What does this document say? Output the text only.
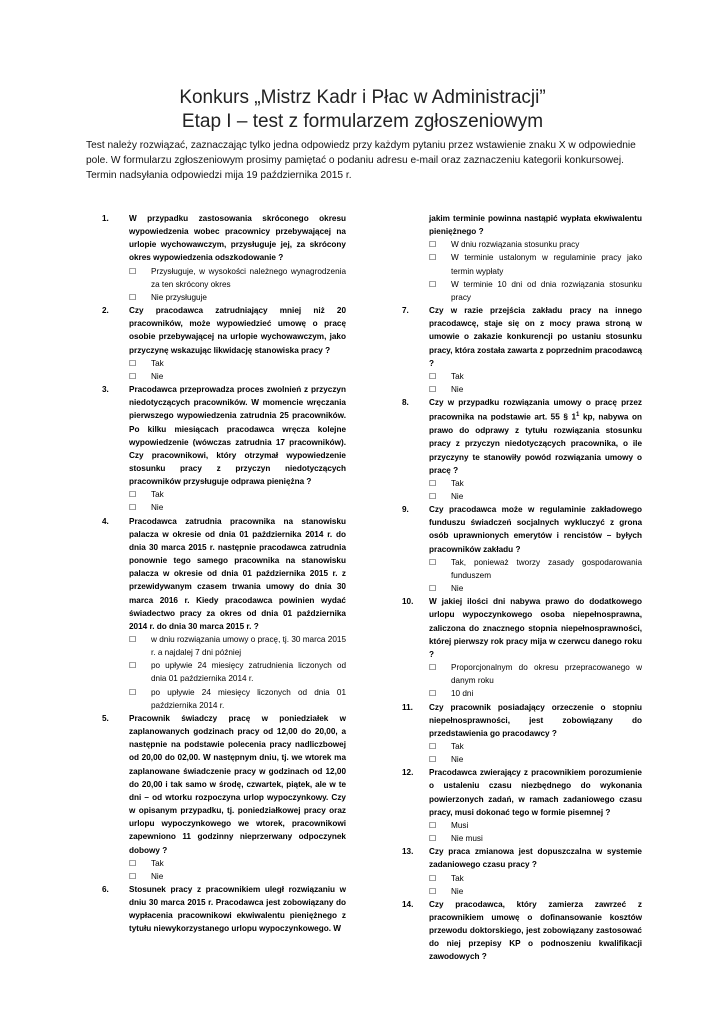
Konkurs „Mistrz Kadr i Płac w Administracji”
Etap I – test z formularzem zgłoszeniowym
Test należy rozwiązać, zaznaczając tylko jedna odpowiedz przy każdym pytaniu przez wstawienie znaku X w odpowiednie
pole. W formularzu zgłoszeniowym prosimy pamiętać o podaniu adresu e-mail oraz zaznaczeniu kategorii konkursowej.
Termin nadsyłania odpowiedzi mija 19 października 2015 r.
1.	W przypadku zastosowania skróconego okresu wypowiedzenia wobec pracownicy przebywającej na urlopie wychowawczym, przysługuje jej, za skrócony okres wypowiedzenia odszkodowanie ?
☐	Przysługuje, w wysokości należnego wynagrodzenia za ten skrócony okres
☐	Nie przysługuje
2.	Czy pracodawca zatrudniający mniej niż 20 pracowników, może wypowiedzieć umowę o pracę osobie przebywającej na urlopie wychowawczym, jako przyczynę wskazując likwidację stanowiska pracy ?
☐	Tak
☐	Nie
3.	Pracodawca przeprowadza proces zwolnień z przyczyn niedotyczących pracowników. W momencie wręczania pierwszego wypowiedzenia zatrudnia 25 pracowników. Po kilku miesiącach pracodawca wręcza kolejne wypowiedzenie (wówczas zatrudnia 17 pracowników). Czy pracownikowi, który otrzymał wypowiedzenie stosunku pracy z przyczyn niedotyczących pracowników przysługuje odprawa pieniężna ?
☐	Tak
☐	Nie
4.	Pracodawca zatrudnia pracownika na stanowisku palacza w okresie od dnia 01 października 2014 r. do dnia 30 marca 2015 r. następnie pracodawca zatrudnia ponownie tego samego pracownika na stanowisku palacza w okresie od dnia 01 października 2015 r. z przewidywanym czasem trwania umowy do dnia 30 marca 2016 r. Kiedy pracodawca powinien wydać świadectwo pracy za okres od dnia 01 października 2014 r. do dnia 30 marca 2015 r. ?
☐	w dniu rozwiązania umowy o pracę, tj. 30 marca 2015 r. a najdalej 7 dni później
☐	po upływie 24 miesięcy zatrudnienia liczonych od dnia 01 października 2014 r.
☐	po upływie 24 miesięcy liczonych od dnia 01 października 2014 r.
5.	Pracownik świadczy pracę w poniedziałek w zaplanowanych godzinach pracy od 12,00 do 20,00, a następnie na podstawie polecenia pracy nadliczbowej od 20,00 do 02,00. W następnym dniu, tj. we wtorek ma zaplanowane świadczenie pracy w godzinach od 12,00 do 20,00 i tak samo w środę, czwartek, piątek, ale w te dni – od wtorku rozpoczyna urlop wypoczynkowy. Czy w opisanym przypadku, tj. poniedziałkowej pracy oraz urlopu wypoczynkowego we wtorek, pracownikowi zapewniono 11 godzinny nieprzerwany odpoczynek dobowy ?
☐	Tak
☐	Nie
6.	Stosunek pracy z pracownikiem uległ rozwiązaniu w dniu 30 marca 2015 r. Pracodawca jest zobowiązany do wypłacenia pracownikowi ekwiwalentu pieniężnego z tytułu niewykorzystanego urlopu wypoczynkowego. W
jakim terminie powinna nastąpić wypłata ekwiwalentu pieniężnego ?
☐	W dniu rozwiązania stosunku pracy
☐	W terminie ustalonym w regulaminie pracy jako termin wypłaty
☐	W terminie 10 dni od dnia rozwiązania stosunku pracy
7.	Czy w razie przejścia zakładu pracy na innego pracodawcę, staje się on z mocy prawa stroną w umowie o zakazie konkurencji po ustaniu stosunku pracy, która została zawarta z poprzednim pracodawcą ?
☐	Tak
☐	Nie
8.	Czy w przypadku rozwiązania umowy o pracę przez pracownika na podstawie art. 55 § $1^1$ kp, nabywa on prawo do odprawy z tytułu rozwiązania stosunku pracy z przyczyn niedotyczących pracownika, o ile przyczyny te stanowiły powód rozwiązania umowy o pracę ?
☐	Tak
☐	Nie
9.	Czy pracodawca może w regulaminie zakładowego funduszu świadczeń socjalnych wykluczyć z grona osób uprawnionych emerytów i rencistów – byłych pracowników zakładu ?
☐	Tak, ponieważ tworzy zasady gospodarowania funduszem
☐	Nie
10.	W jakiej ilości dni nabywa prawo do dodatkowego urlopu wypoczynkowego osoba niepełnosprawna, zaliczona do znacznego stopnia niepełnosprawności, której pierwszy rok pracy mija w czerwcu danego roku ?
☐	Proporcjonalnym do okresu przepracowanego w danym roku
☐	10 dni
11.	Czy pracownik posiadający orzeczenie o stopniu niepełnosprawności, jest zobowiązany do przedstawienia go pracodawcy ?
☐	Tak
☐	Nie
12.	Pracodawca zwierający z pracownikiem porozumienie o ustaleniu czasu niezbędnego do wykonania powierzonych zadań, w ramach zadaniowego czasu pracy, musi dokonać tego w formie pisemnej ?
☐	Musi
☐	Nie musi
13.	Czy praca zmianowa jest dopuszczalna w systemie zadaniowego czasu pracy ?
☐	Tak
☐	Nie
14.	Czy pracodawca, który zamierza zawrzeć z pracownikiem umowę o dofinansowanie kosztów przewodu doktorskiego, jest zobowiązany zastosować do niej przepisy KP o podnoszeniu kwalifikacji zawodowych ?
